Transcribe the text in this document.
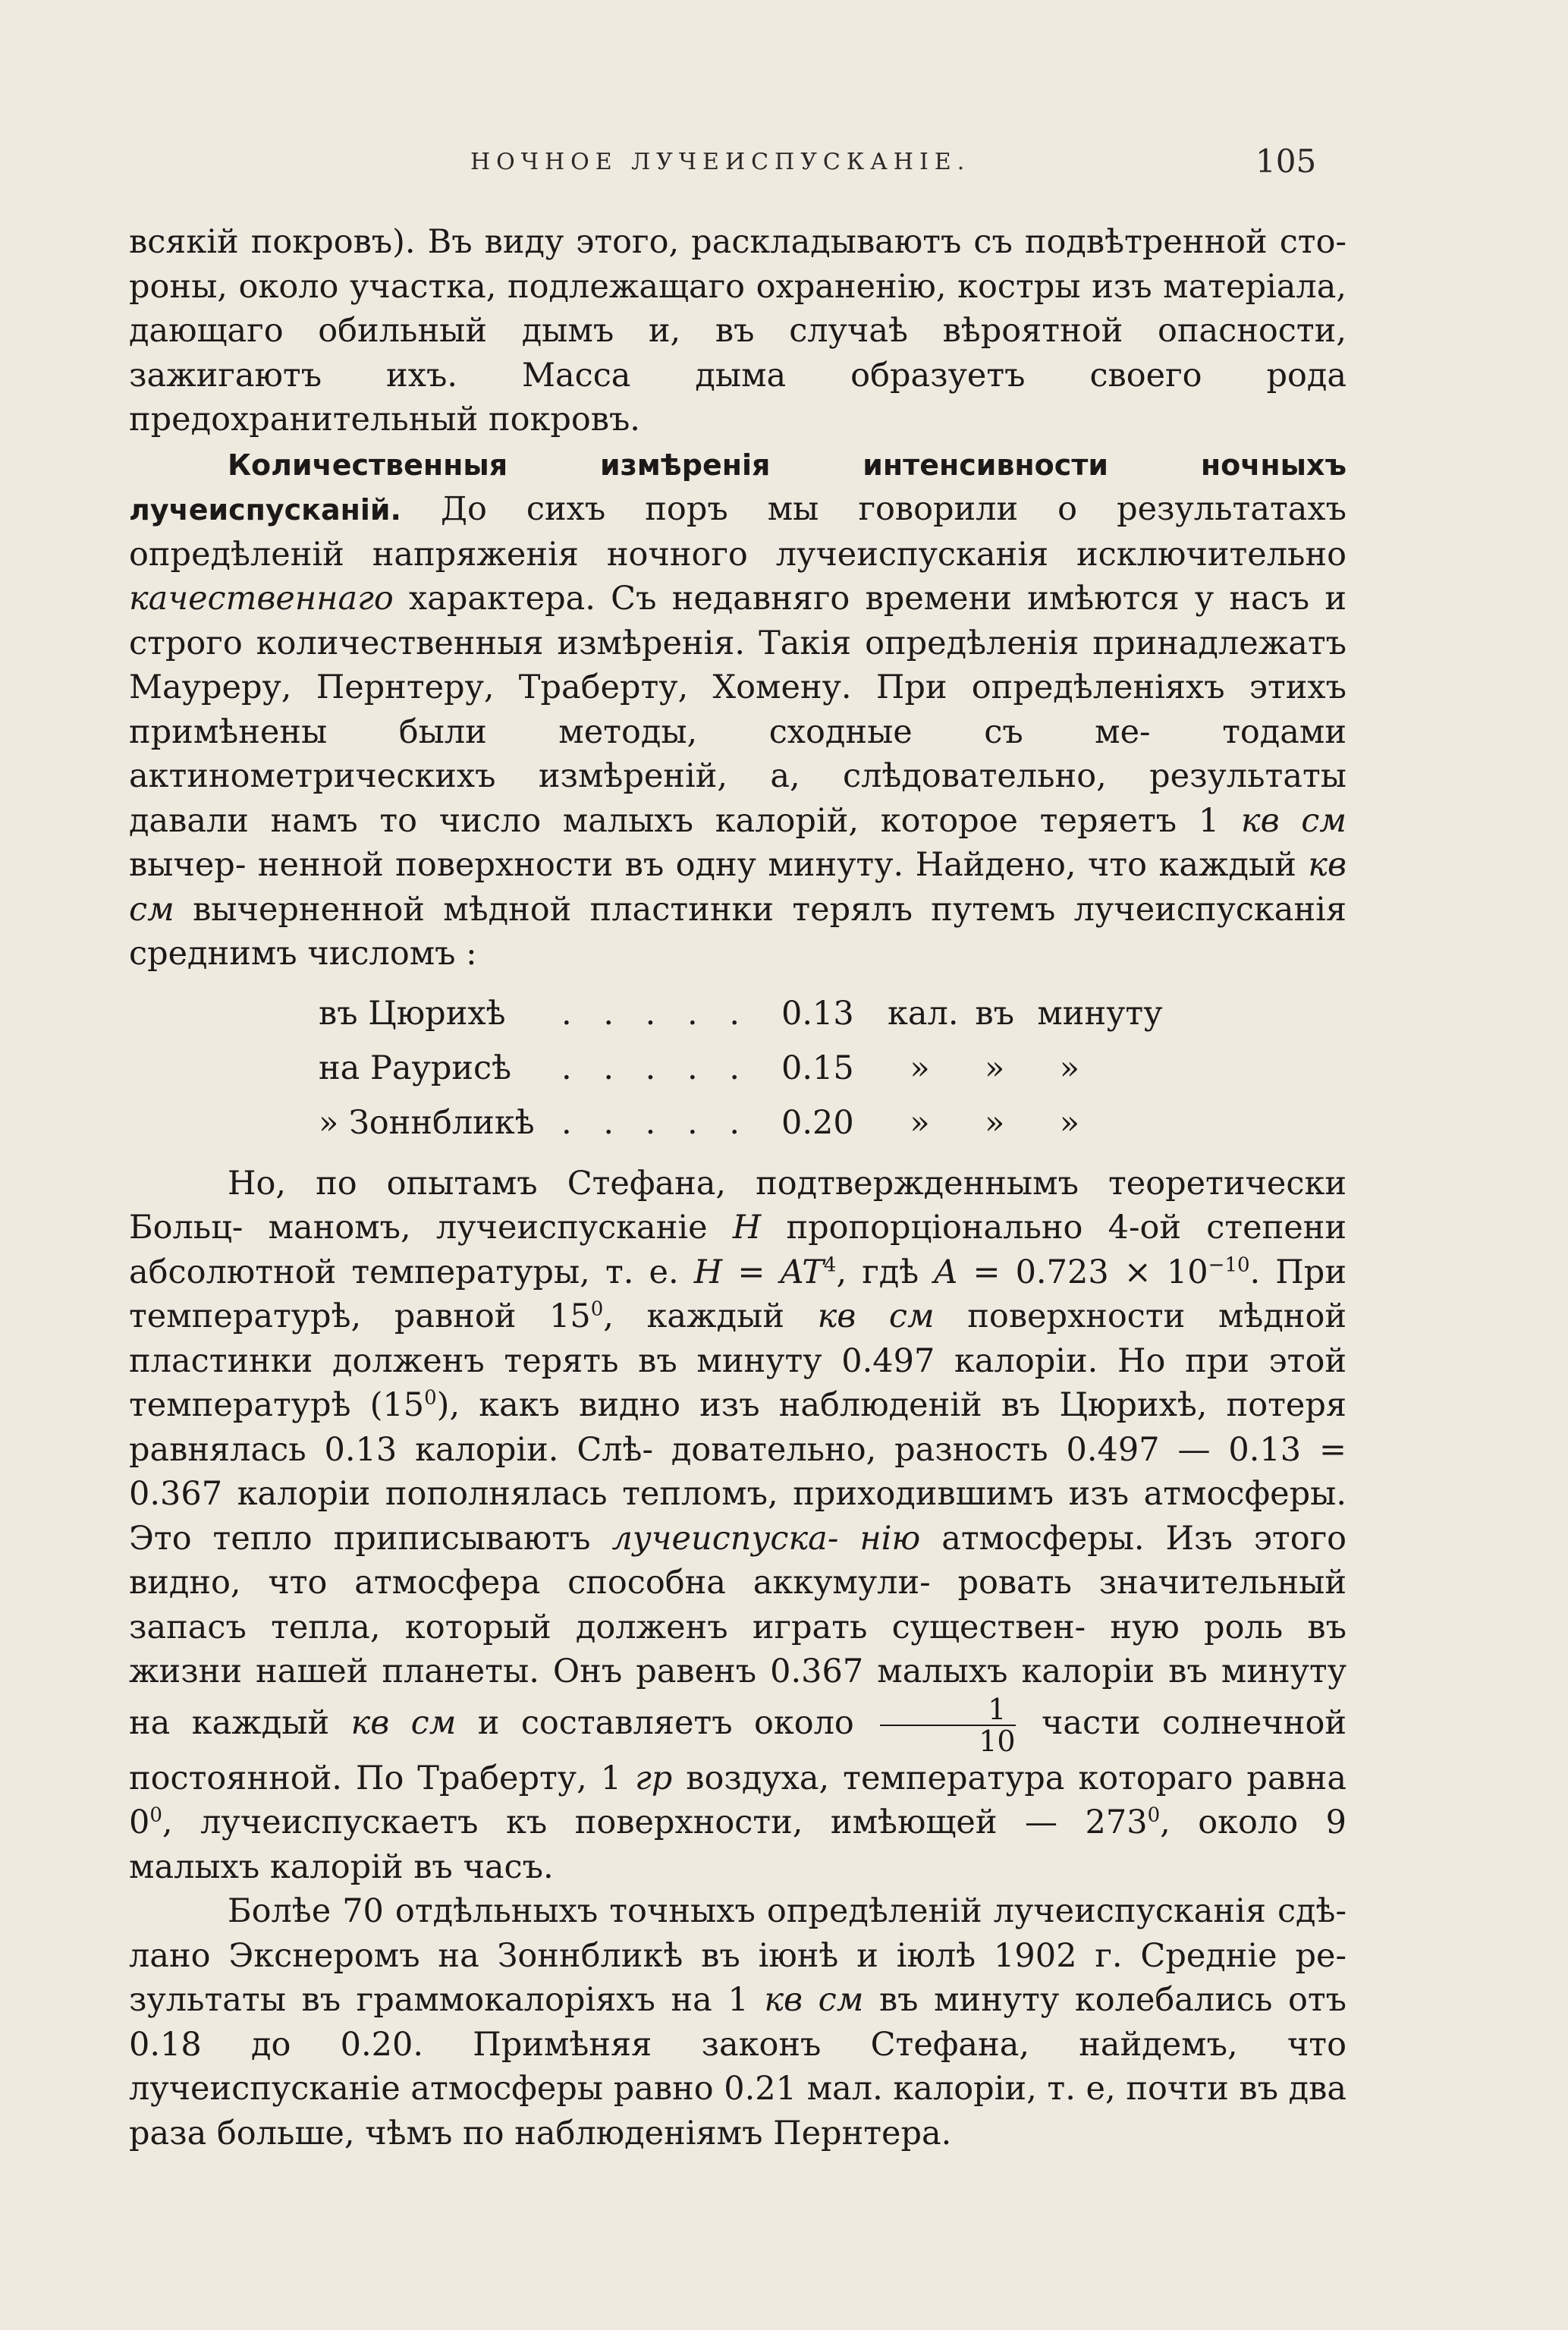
НОЧНОЕ ЛУЧЕИСПУСКАНІЕ.	105

всякій покровъ). Въ виду этого, раскладываютъ съ подвѣтренной сто- роны, около участка, подлежащаго охраненію, костры изъ матеріала, дающаго обильный дымъ и, въ случаѣ вѣроятной опасности, зажигаютъ ихъ. Масса дыма образуетъ своего рода предохранительный покровъ.

Количественныя измѣренія интенсивности ночныхъ лучеиспусканій. До сихъ поръ мы говорили о результатахъ опредѣленій напряженія ночного лучеиспусканія исключительно качественнаго характера. Съ недавняго времени имѣются у насъ и строго количественныя измѣренія. Такія опредѣленія принадлежатъ Мауреру, Пернтеру, Траберту, Хомену. При опредѣленіяхъ этихъ примѣнены были методы, сходные съ ме- тодами актинометрическихъ измѣреній, а, слѣдовательно, результаты давали намъ то число малыхъ калорій, которое теряетъ 1 кв см вычер- ненной поверхности въ одну минуту. Найдено, что каждый кв см вычерненной мѣдной пластинки терялъ путемъ лучеиспусканія среднимъ числомъ :

въ Цюрихѣ	. . . . . 0.13	кал. въ минуту
на Раурисѣ	. . . . . 0.15	» » »
» Зоннбликѣ . . . . . 0.20	» » »

Но, по опытамъ Стефана, подтвержденнымъ теоретически Больц- маномъ, лучеиспусканіе H пропорціонально 4-ой степени абсолютной температуры, т. е. $H = AT^4$, гдѣ $A = 0.723 \times 10^{-10}$. При температурѣ, равной $15^0$, каждый кв см поверхности мѣдной пластинки долженъ терять въ минуту 0.497 калоріи. Но при этой температурѣ $(15^0)$, какъ видно изъ наблюденій въ Цюрихѣ, потеря равнялась 0.13 калоріи. Слѣ- довательно, разность 0.497 — 0.13 = 0.367 калоріи пополнялась тепломъ, приходившимъ изъ атмосферы. Это тепло приписываютъ лучеиспуска- нію атмосферы. Изъ этого видно, что атмосфера способна аккумули- ровать значительный запасъ тепла, который долженъ играть существен- ную роль въ жизни нашей планеты. Онъ равенъ 0.367 малыхъ калоріи въ минуту на каждый кв см и составляетъ около $\frac{1}{10}$ части солнечной постоянной. По Траберту, 1 гр воздуха, температура котораго равна $0^0$, лучеиспускаетъ къ поверхности, имѣющей — $273^0$, около 9 малыхъ калорій въ часъ.

Болѣе 70 отдѣльныхъ точныхъ опредѣленій лучеиспусканія сдѣ- лано Экснеромъ на Зоннбликѣ въ іюнѣ и іюлѣ 1902 г. Средніе ре- зультаты въ граммокалоріяхъ на 1 кв см въ минуту колебались отъ 0.18 до 0.20. Примѣняя законъ Стефана, найдемъ, что лучеиспусканіе атмосферы равно 0.21 мал. калоріи, т. е, почти въ два раза больше, чѣмъ по наблюденіямъ Пернтера.
